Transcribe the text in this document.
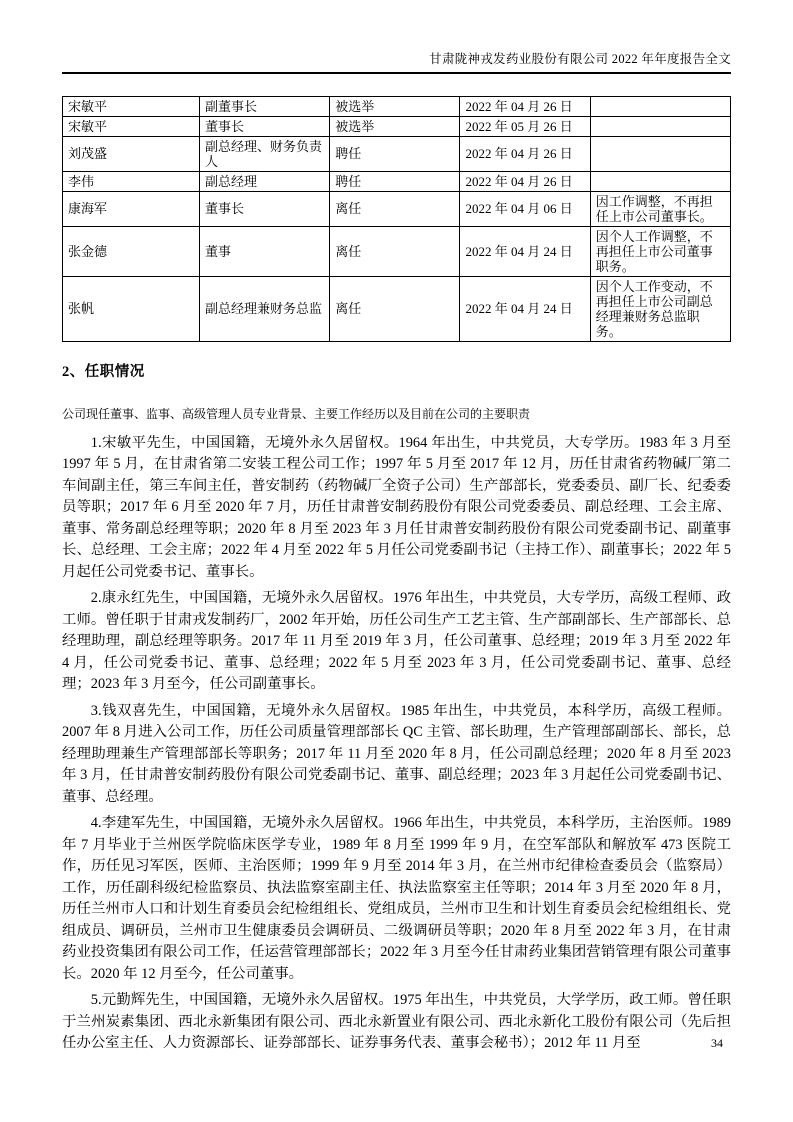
甘肃陇神戎发药业股份有限公司 2022 年年度报告全文
宋敏平	副董事长	被选举	2022 年 04 月 26 日	
宋敏平	董事长	被选举	2022 年 05 月 26 日	
刘茂盛	副总经理、财务负责人	聘任	2022 年 04 月 26 日	
李伟	副总经理	聘任	2022 年 04 月 26 日	
康海军	董事长	离任	2022 年 04 月 06 日	因工作调整，不再担任上市公司董事长。
张金德	董事	离任	2022 年 04 月 24 日	因个人工作调整，不再担任上市公司董事职务。
张帆	副总经理兼财务总监	离任	2022 年 04 月 24 日	因个人工作变动，不再担任上市公司副总经理兼财务总监职务。
2、任职情况

公司现任董事、监事、高级管理人员专业背景、主要工作经历以及目前在公司的主要职责

1.宋敏平先生，中国国籍，无境外永久居留权。1964 年出生，中共党员，大专学历。1983 年 3 月至 1997 年 5 月，在甘肃省第二安装工程公司工作；1997 年 5 月至 2017 年 12 月，历任甘肃省药物碱厂第二车间副主任，第三车间主任，普安制药（药物碱厂全资子公司）生产部部长，党委委员、副厂长、纪委委员等职；2017 年 6 月至 2020 年 7 月，历任甘肃普安制药股份有限公司党委委员、副总经理、工会主席、董事、常务副总经理等职；2020 年 8 月至 2023 年 3 月任甘肃普安制药股份有限公司党委副书记、副董事长、总经理、工会主席；2022 年 4 月至 2022 年 5 月任公司党委副书记（主持工作）、副董事长；2022 年 5 月起任公司党委书记、董事长。

2.康永红先生，中国国籍，无境外永久居留权。1976 年出生，中共党员，大专学历，高级工程师、政工师。曾任职于甘肃戎发制药厂，2002 年开始，历任公司生产工艺主管、生产部副部长、生产部部长、总经理助理，副总经理等职务。2017 年 11 月至 2019 年 3 月，任公司董事、总经理；2019 年 3 月至 2022 年 4 月，任公司党委书记、董事、总经理；2022 年 5 月至 2023 年 3 月，任公司党委副书记、董事、总经理；2023 年 3 月至今，任公司副董事长。

3.钱双喜先生，中国国籍，无境外永久居留权。1985 年出生，中共党员，本科学历，高级工程师。2007 年 8 月进入公司工作，历任公司质量管理部部长 QC 主管、部长助理，生产管理部副部长、部长，总经理助理兼生产管理部部长等职务；2017 年 11 月至 2020 年 8 月，任公司副总经理；2020 年 8 月至 2023 年 3 月，任甘肃普安制药股份有限公司党委副书记、董事、副总经理；2023 年 3 月起任公司党委副书记、董事、总经理。

4.李建军先生，中国国籍，无境外永久居留权。1966 年出生，中共党员，本科学历，主治医师。1989 年 7 月毕业于兰州医学院临床医学专业，1989 年 8 月至 1999 年 9 月，在空军部队和解放军 473 医院工作，历任见习军医，医师、主治医师；1999 年 9 月至 2014 年 3 月，在兰州市纪律检查委员会（监察局）工作，历任副科级纪检监察员、执法监察室副主任、执法监察室主任等职；2014 年 3 月至 2020 年 8 月，历任兰州市人口和计划生育委员会纪检组组长、党组成员，兰州市卫生和计划生育委员会纪检组组长、党组成员、调研员，兰州市卫生健康委员会调研员、二级调研员等职；2020 年 8 月至 2022 年 3 月，在甘肃药业投资集团有限公司工作，任运营管理部部长；2022 年 3 月至今任甘肃药业集团营销管理有限公司董事长。2020 年 12 月至今，任公司董事。

5.元勤辉先生，中国国籍，无境外永久居留权。1975 年出生，中共党员，大学学历，政工师。曾任职于兰州炭素集团、西北永新集团有限公司、西北永新置业有限公司、西北永新化工股份有限公司（先后担任办公室主任、人力资源部长、证券部部长、证券事务代表、董事会秘书）；2012 年 11 月至	34
